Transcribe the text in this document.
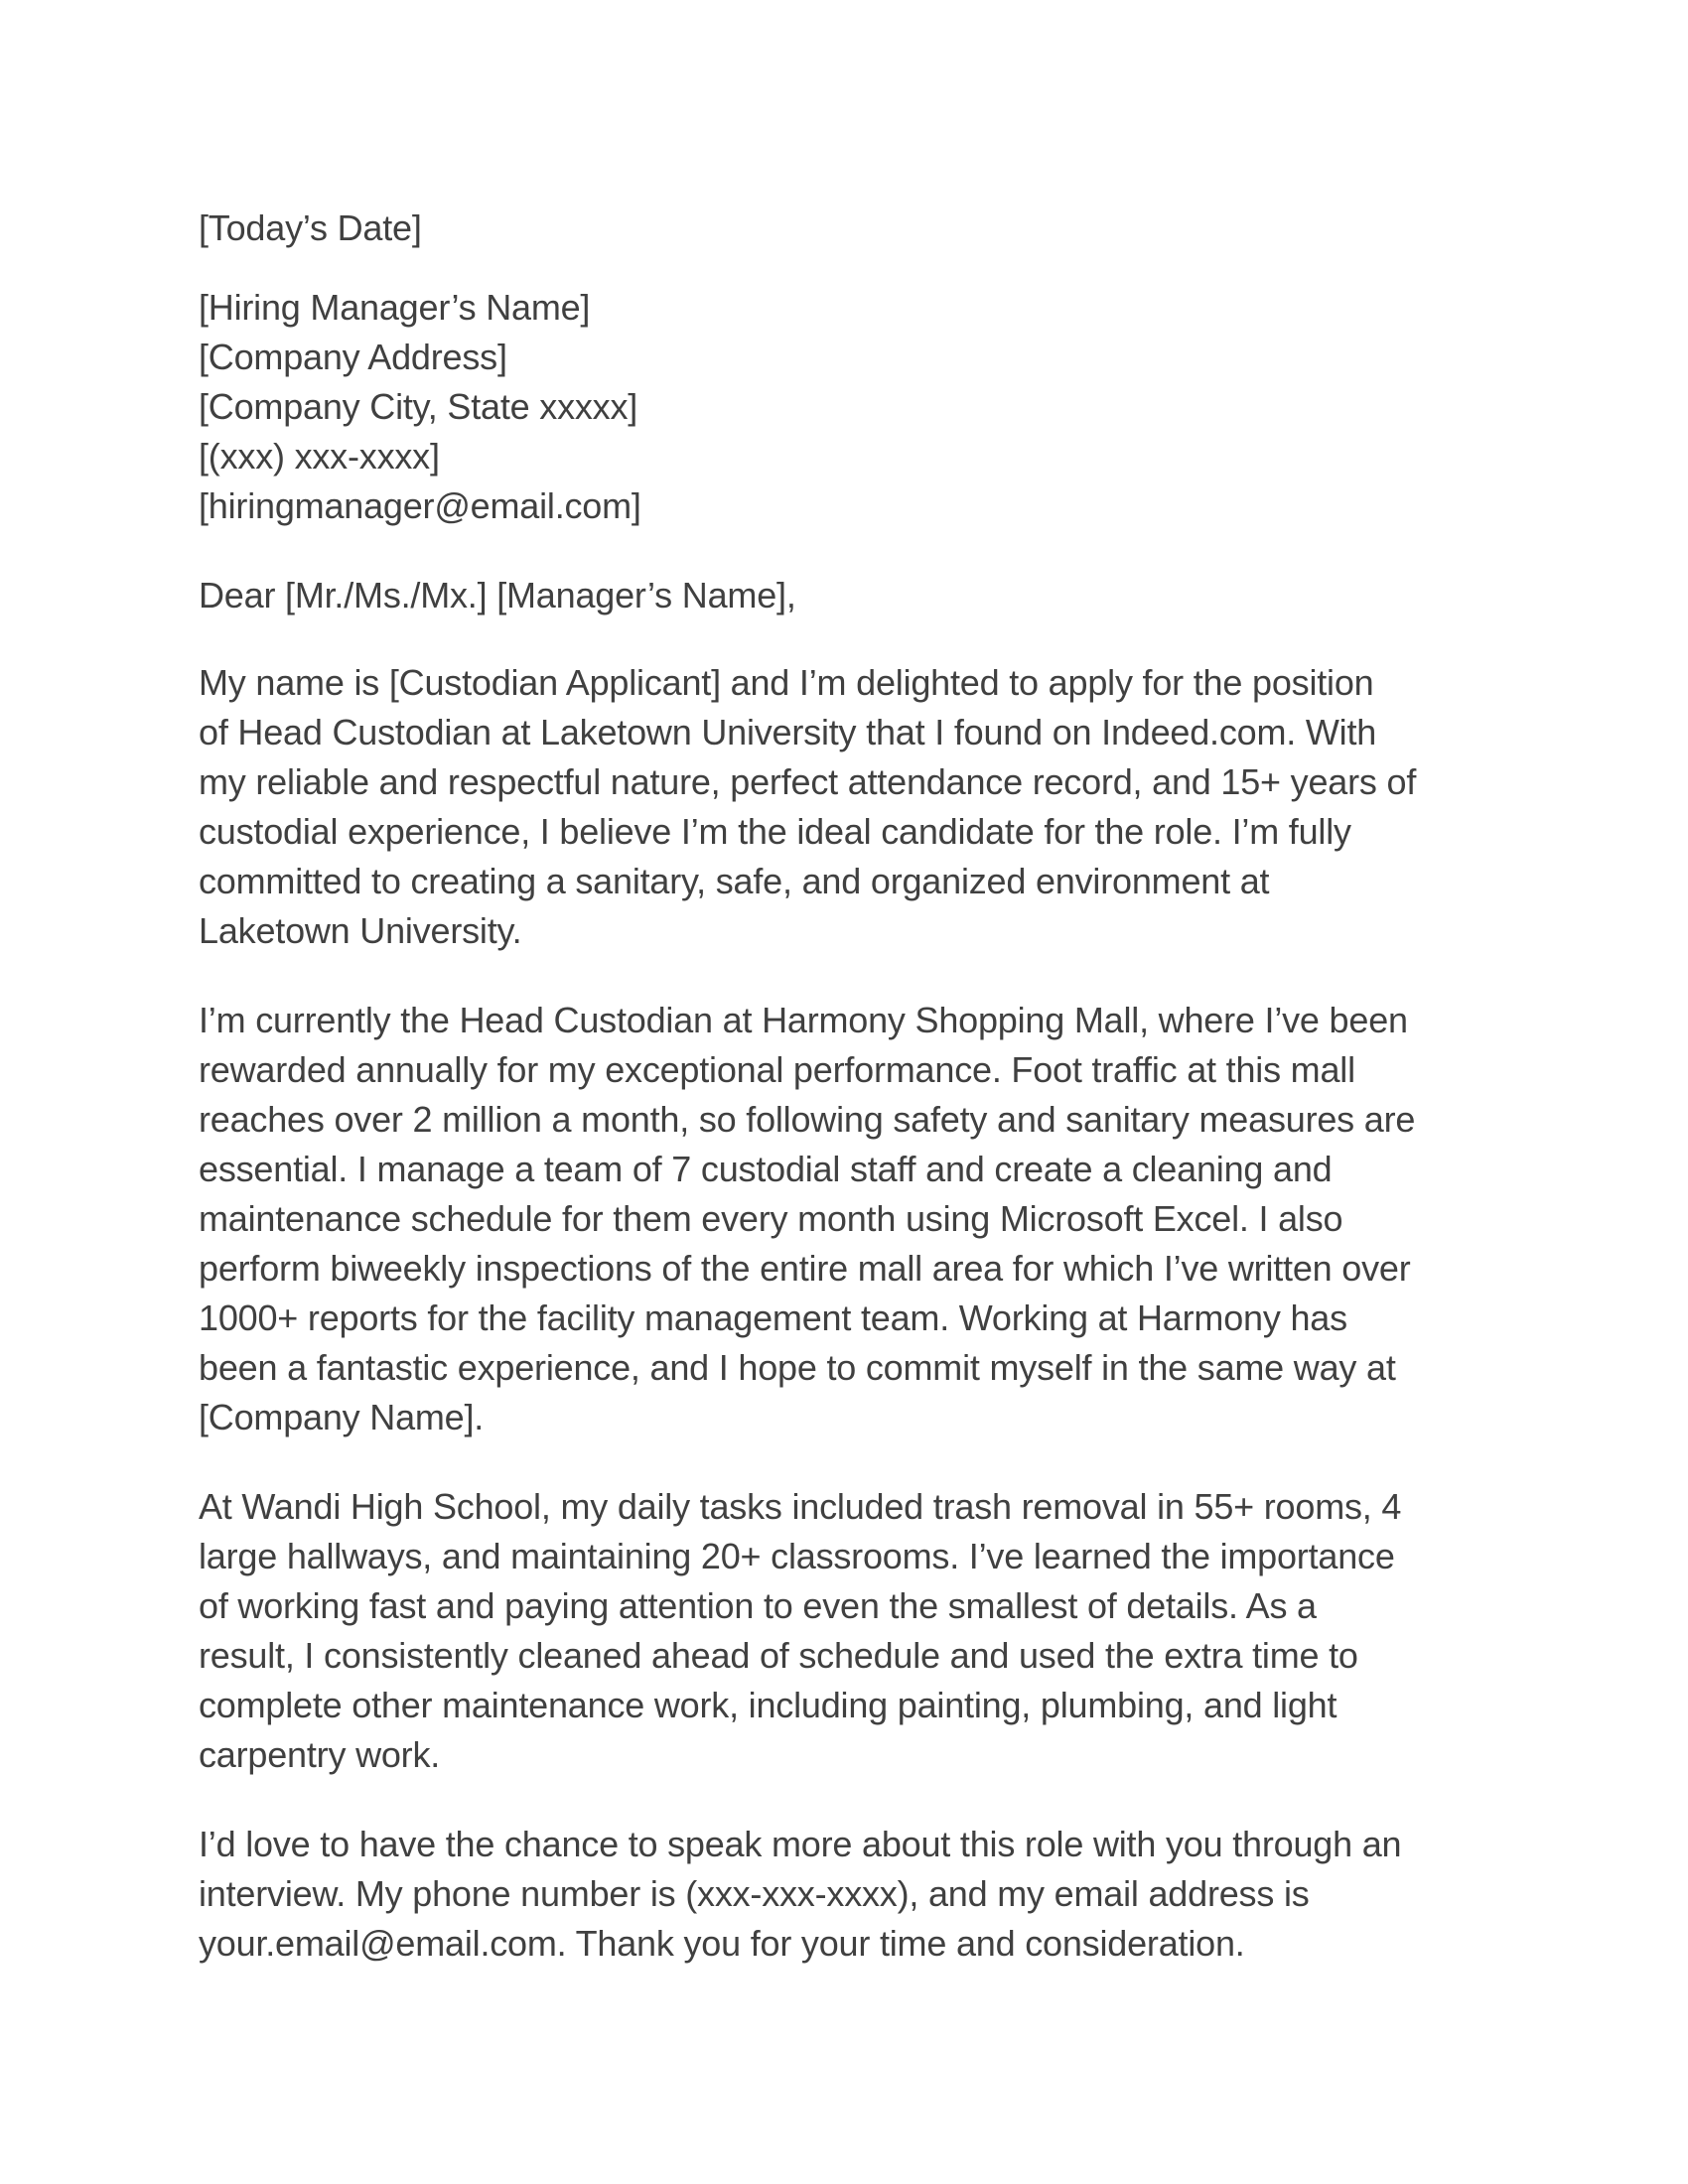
[Today’s Date]

[Hiring Manager’s Name]
[Company Address]
[Company City, State xxxxx]
[(xxx) xxx-xxxx]
[hiringmanager@email.com]

Dear [Mr./Ms./Mx.] [Manager’s Name],

My name is [Custodian Applicant] and I’m delighted to apply for the position
of Head Custodian at Laketown University that I found on Indeed.com. With
my reliable and respectful nature, perfect attendance record, and 15+ years of
custodial experience, I believe I’m the ideal candidate for the role. I’m fully
committed to creating a sanitary, safe, and organized environment at
Laketown University.

I’m currently the Head Custodian at Harmony Shopping Mall, where I’ve been
rewarded annually for my exceptional performance. Foot traffic at this mall
reaches over 2 million a month, so following safety and sanitary measures are
essential. I manage a team of 7 custodial staff and create a cleaning and
maintenance schedule for them every month using Microsoft Excel. I also
perform biweekly inspections of the entire mall area for which I’ve written over
1000+ reports for the facility management team. Working at Harmony has
been a fantastic experience, and I hope to commit myself in the same way at
[Company Name].

At Wandi High School, my daily tasks included trash removal in 55+ rooms, 4
large hallways, and maintaining 20+ classrooms. I’ve learned the importance
of working fast and paying attention to even the smallest of details. As a
result, I consistently cleaned ahead of schedule and used the extra time to
complete other maintenance work, including painting, plumbing, and light
carpentry work.

I’d love to have the chance to speak more about this role with you through an
interview. My phone number is (xxx-xxx-xxxx), and my email address is
your.email@email.com. Thank you for your time and consideration.
